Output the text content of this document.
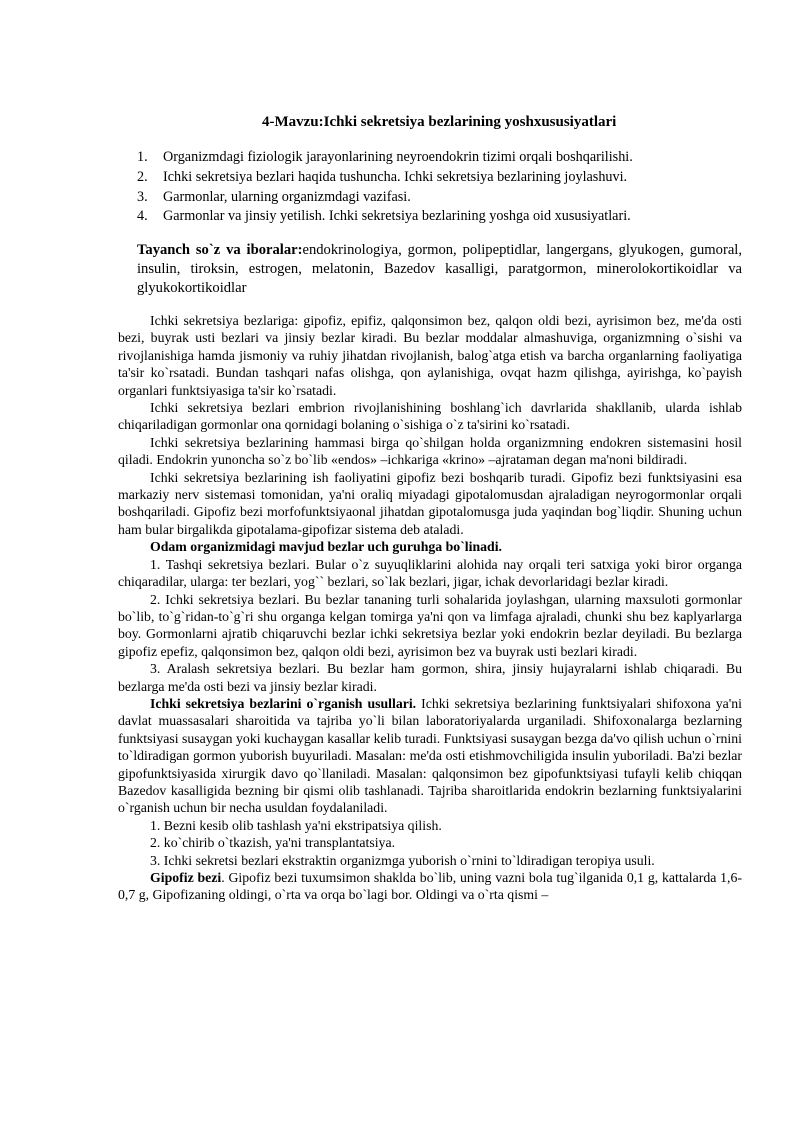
4-Mavzu:Ichki sekretsiya bezlarining yoshxususiyatlari
1. Organizmdagi fiziologik jarayonlarining neyroendokrin tizimi orqali boshqarilishi.
2. Ichki sekretsiya bezlari haqida tushuncha. Ichki sekretsiya bezlarining joylashuvi.
3. Garmonlar, ularning organizmdagi vazifasi.
4. Garmonlar va jinsiy yetilish. Ichki sekretsiya bezlarining yoshga oid xususiyatlari.
Tayanch so`z va iboralar:endokrinologiya, gormon, polipeptidlar, langergans, glyukogen, gumoral, insulin, tiroksin, estrogen, melatonin, Bazedov kasalligi, paratgormon, minerolokortikoidlar va glyukokortikoidlar

Ichki sekretsiya bezlariga: gipofiz, epifiz, qalqonsimon bez, qalqon oldi bezi, ayrisimon bez, me'da osti bezi, buyrak usti bezlari va jinsiy bezlar kiradi. Bu bezlar moddalar almashuviga, organizmning o`sishi va rivojlanishiga hamda jismoniy va ruhiy jihatdan rivojlanish, balog`atga etish va barcha organlarning faoliyatiga ta'sir ko`rsatadi. Bundan tashqari nafas olishga, qon aylanishiga, ovqat hazm qilishga, ayirishga, ko`payish organlari funktsiyasiga ta'sir ko`rsatadi.

Ichki sekretsiya bezlari embrion rivojlanishining boshlang`ich davrlarida shakllanib, ularda ishlab chiqariladigan gormonlar ona qornidagi bolaning o`sishiga o`z ta'sirini ko`rsatadi.

Ichki sekretsiya bezlarining hammasi birga qo`shilgan holda organizmning endokren sistemasini hosil qiladi. Endokrin yunoncha so`z bo`lib «endos» –ichkariga «krino» –ajrataman degan ma'noni bildiradi.

Ichki sekretsiya bezlarining ish faoliyatini gipofiz bezi boshqarib turadi. Gipofiz bezi funktsiyasini esa markaziy nerv sistemasi tomonidan, ya'ni oraliq miyadagi gipotalomusdan ajraladigan neyrogormonlar orqali boshqariladi. Gipofiz bezi morfofunktsiyaonal jihatdan gipotalomusga juda yaqindan bog`liqdir. Shuning uchun ham bular birgalikda gipotalama-gipofizar sistema deb ataladi.

Odam organizmidagi mavjud bezlar uch guruhga bo`linadi.

1. Tashqi sekretsiya bezlari. Bular o`z suyuqliklarini alohida nay orqali teri satxiga yoki biror organga chiqaradilar, ularga: ter bezlari, yog`` bezlari, so`lak bezlari, jigar, ichak devorlaridagi bezlar kiradi.

2. Ichki sekretsiya bezlari. Bu bezlar tananing turli sohalarida joylashgan, ularning maxsuloti gormonlar bo`lib, to`g`ridan-to`g`ri shu organga kelgan tomirga ya'ni qon va limfaga ajraladi, chunki shu bez kaplyarlarga boy. Gormonlarni ajratib chiqaruvchi bezlar ichki sekretsiya bezlar yoki endokrin bezlar deyiladi. Bu bezlarga gipofiz epefiz, qalqonsimon bez, qalqon oldi bezi, ayrisimon bez va buyrak usti bezlari kiradi.

3. Aralash sekretsiya bezlari. Bu bezlar ham gormon, shira, jinsiy hujayralarni ishlab chiqaradi. Bu bezlarga me'da osti bezi va jinsiy bezlar kiradi.

Ichki sekretsiya bezlarini o`rganish usullari. Ichki sekretsiya bezlarining funktsiyalari shifoxona ya'ni davlat muassasalari sharoitida va tajriba yo`li bilan laboratoriyalarda urganiladi. Shifoxonalarga bezlarning funktsiyasi susaygan yoki kuchaygan kasallar kelib turadi. Funktsiyasi susaygan bezga da'vo qilish uchun o`rnini to`ldiradigan gormon yuborish buyuriladi. Masalan: me'da osti etishmovchiligida insulin yuboriladi. Ba'zi bezlar gipofunktsiyasida xirurgik davo qo`llaniladi. Masalan: qalqonsimon bez gipofunktsiyasi tufayli kelib chiqqan Bazedov kasalligida bezning bir qismi olib tashlanadi. Tajriba sharoitlarida endokrin bezlarning funktsiyalarini o`rganish uchun bir necha usuldan foydalaniladi.

1. Bezni kesib olib tashlash ya'ni ekstripatsiya qilish.

2. ko`chirib o`tkazish, ya'ni transplantatsiya.

3. Ichki sekretsi bezlari ekstraktin organizmga yuborish o`rnini to`ldiradigan teropiya usuli.

Gipofiz bezi. Gipofiz bezi tuxumsimon shaklda bo`lib, uning vazni bola tug`ilganida 0,1 g, kattalarda 1,6-0,7 g, Gipofizaning oldingi, o`rta va orqa bo`lagi bor. Oldingi va o`rta qismi –
